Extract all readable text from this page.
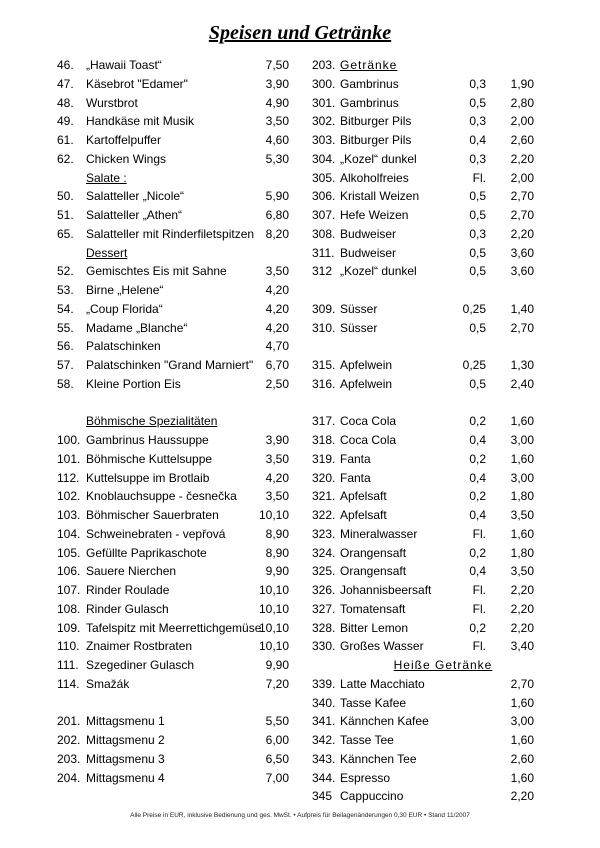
Speisen und Getränke
46. „Hawaii Toast“	7,50
47. Käsebrot "Edamer"	3,90
48. Wurstbrot	4,90
49. Handkäse mit Musik	3,50
61. Kartoffelpuffer	4,60
62. Chicken Wings	5,30
Salate :
50. Salatteller „Nicole“	5,90
51. Salatteller „Athen“	6,80
65. Salatteller mit Rinderfiletspitzen 8,20
Dessert
52. Gemischtes Eis mit Sahne	3,50
53. Birne „Helene“	4,20
54. „Coup Florida“	4,20
55. Madame „Blanche“	4,20
56. Palatschinken	4,70
57. Palatschinken "Grand Marniert" 6,70
58. Kleine Portion Eis	2,50
Böhmische Spezialitäten
100. Gambrinus Haussuppe	3,90
101. Böhmische Kuttelsuppe	3,50
112. Kuttelsuppe im Brotlaib	4,20
102. Knoblauchsuppe - česnečka 3,50
103. Böhmischer Sauerbraten	10,10
104. Schweinebraten - vepřová	8,90
105. Gefüllte Paprikaschote	8,90
106. Sauere Nierchen	9,90
107. Rinder Roulade	10,10
108. Rinder Gulasch	10,10
109. Tafelspitz mit Meerrettichgemüse
10,10
110. Znaimer Rostbraten	10,10
111. Szegediner Gulasch	9,90
114. Smažák	7,20
201. Mittagsmenu 1	5,50
202. Mittagsmenu 2	6,00
203. Mittagsmenu 3	6,50
204. Mittagsmenu 4	7,00
203. Getränke
300. Gambrinus	0,3 1,90
301. Gambrinus	0,5 2,80
302. Bitburger Pils	0,3 2,00
303. Bitburger Pils	0,4 2,60
304. „Kozel“ dunkel	0,3 2,20
305. Alkoholfreies	Fl. 2,00
306. Kristall Weizen	0,5 2,70
307. Hefe Weizen	0,5 2,70
308. Budweiser	0,3 2,20
311. Budweiser	0,5 3,60
312 „Kozel“ dunkel	0,5 3,60
309. Süsser	0,25 1,40
310. Süsser	0,5 2,70
315. Apfelwein	0,25 1,30
316. Apfelwein	0,5 2,40
317. Coca Cola	0,2 1,60
318. Coca Cola	0,4 3,00
319. Fanta	0,2 1,60
320. Fanta	0,4 3,00
321. Apfelsaft	0,2 1,80
322. Apfelsaft	0,4 3,50
323. Mineralwasser	Fl. 1,60
324. Orangensaft	0,2 1,80
325. Orangensaft	0,4 3,50
326. Johannisbeersaft	Fl. 2,20
327. Tomatensaft	Fl. 2,20
328. Bitter Lemon	0,2 2,20
330. Großes Wasser	Fl. 3,40
Heiße Getränke
339. Latte Macchiato	2,70
340. Tasse Kafee	1,60
341. Kännchen Kafee	3,00
342. Tasse Tee	1,60
343. Kännchen Tee	2,60
344. Espresso	1,60
345 Cappuccino	2,20
Alle Preise in EUR, inklusive Bedienung und ges. MwSt. • Aufpreis für Beilagenänderungen 0,30 EUR • Stand 11/2007
